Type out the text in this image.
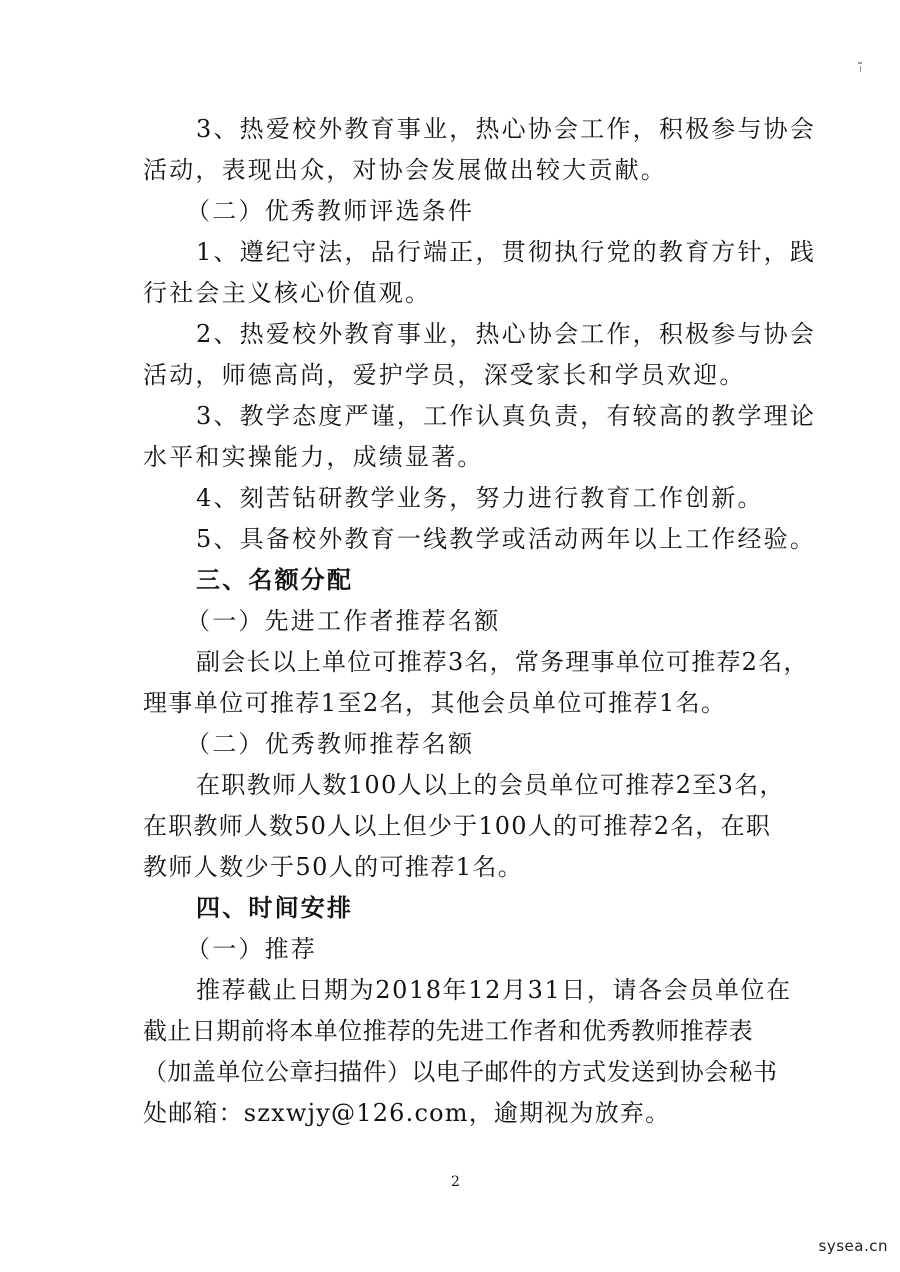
3、热爱校外教育事业，热心协会工作，积极参与协会
活动，表现出众，对协会发展做出较大贡献。
（二）优秀教师评选条件
1、遵纪守法，品行端正，贯彻执行党的教育方针，践
行社会主义核心价值观。
2、热爱校外教育事业，热心协会工作，积极参与协会
活动，师德高尚，爱护学员，深受家长和学员欢迎。
3、教学态度严谨，工作认真负责，有较高的教学理论
水平和实操能力，成绩显著。
4、刻苦钻研教学业务，努力进行教育工作创新。
5、具备校外教育一线教学或活动两年以上工作经验。
三、名额分配
（一）先进工作者推荐名额
副会长以上单位可推荐3名，常务理事单位可推荐2名，
理事单位可推荐1至2名，其他会员单位可推荐1名。
（二）优秀教师推荐名额
在职教师人数100人以上的会员单位可推荐2至3名，
在职教师人数50人以上但少于100人的可推荐2名，在职
教师人数少于50人的可推荐1名。
四、时间安排
（一）推荐
推荐截止日期为2018年12月31日，请各会员单位在
截止日期前将本单位推荐的先进工作者和优秀教师推荐表
（加盖单位公章扫描件）以电子邮件的方式发送到协会秘书
处邮箱：szxwjy@126.com，逾期视为放弃。
2
sysea.cn
